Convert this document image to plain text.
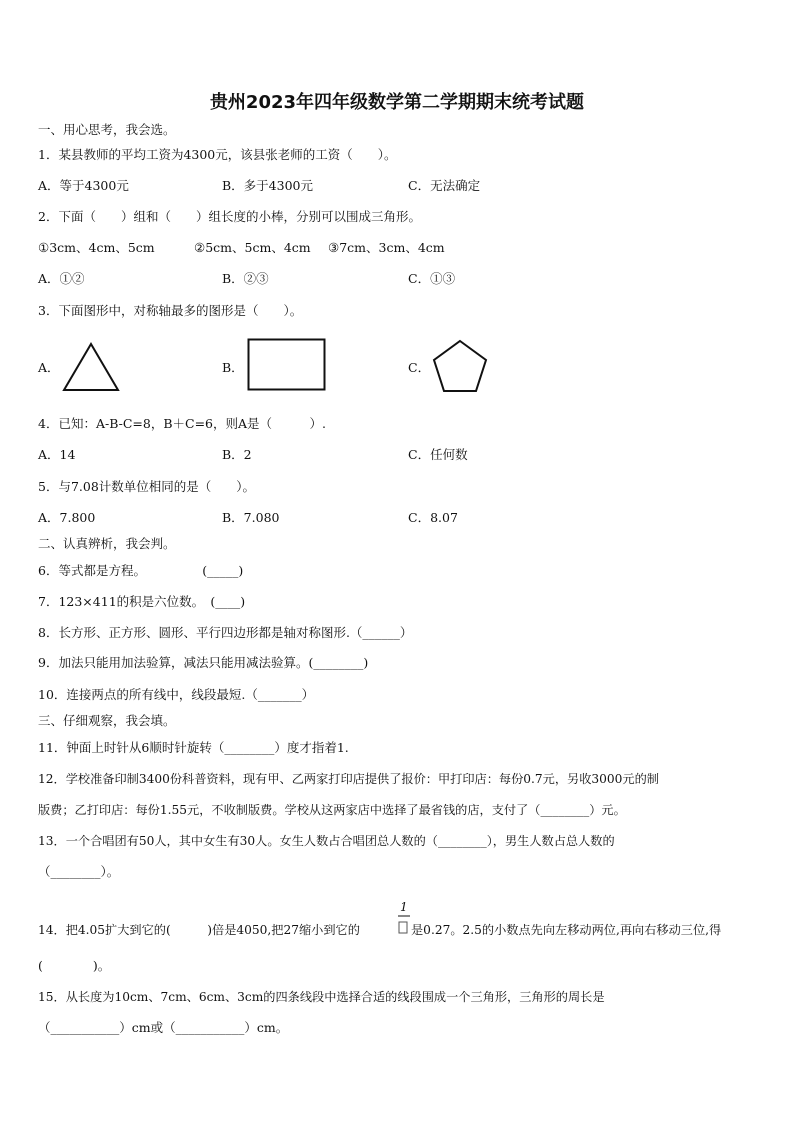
贵州2023年四年级数学第二学期期末统考试题
一、用心思考，我会选。
1．某县教师的平均工资为4300元，该县张老师的工资（　　）。
A．等于4300元	B．多于4300元	C．无法确定
2．下面（　　）组和（　　）组长度的小棒，分别可以围成三角形。
①3cm、4cm、5cm	②5cm、5cm、4cm ③7cm、3cm、4cm
A．①②	B．②③	C．①③
3．下面图形中，对称轴最多的图形是（　　）。
A．	B．	C．
4．已知：A-B-C=8，B＋C=6，则A是（　　　）.
A．14	B．2	C．任何数
5．与7.08计数单位相同的是（　　）。
A．7.800	B．7.080	C．8.07
二、认真辨析，我会判。
6．等式都是方程。　　　　　(_____)
7．123×411的积是六位数。　(____)
8．长方形、正方形、圆形、平行四边形都是轴对称图形.（______）
9．加法只能用加法验算，减法只能用减法验算。(________)
10．连接两点的所有线中，线段最短.（_______）
三、仔细观察，我会填。
11．钟面上时针从6顺时针旋转（________）度才指着1.
12．学校准备印制3400份科普资料，现有甲、乙两家打印店提供了报价：甲打印店：每份0.7元，另收3000元的制
版费；乙打印店：每份1.55元，不收制版费。学校从这两家店中选择了最省钱的店，支付了（________）元。
13．一个合唱团有50人，其中女生有30人。女生人数占合唱团总人数的（________），男生人数占总人数的
（________）。
1
14．把4.05扩大到它的(　　　)倍是4050,把27缩小到它的	是0.27。2.5的小数点先向左移动两位,再向右移动三位,得
(　　　　)。
15．从长度为10cm、7cm、6cm、3cm的四条线段中选择合适的线段围成一个三角形，三角形的周长是
（___________）cm或（___________）cm。
